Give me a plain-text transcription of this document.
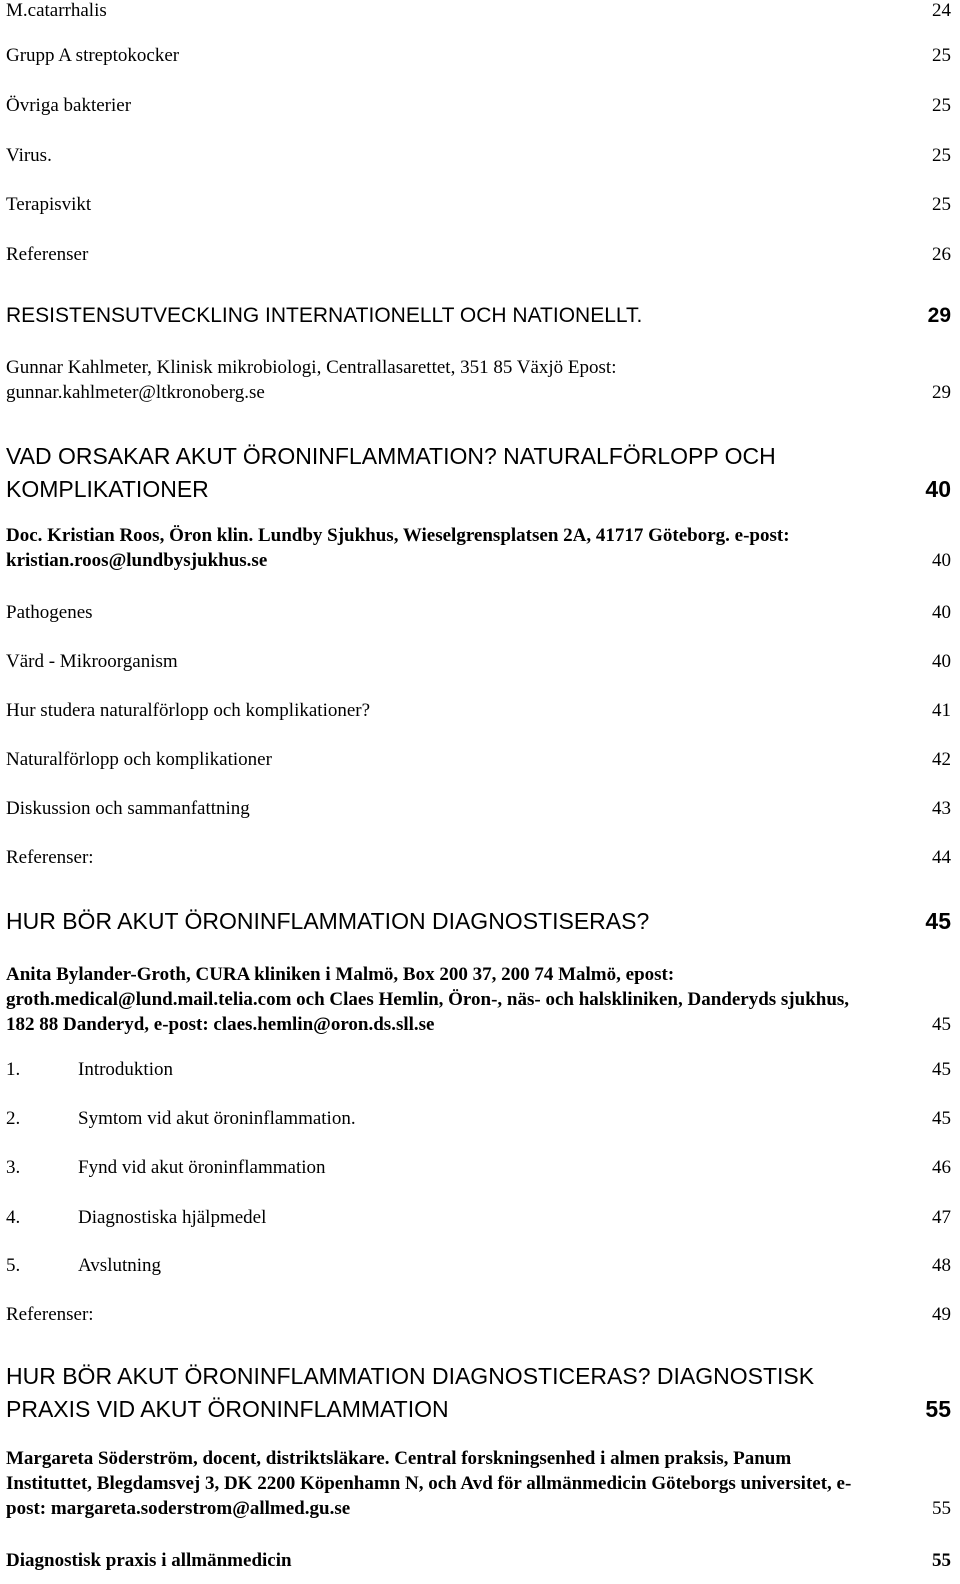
M.catarrhalis	24
Grupp A streptokocker	25
Övriga bakterier	25
Virus.	25
Terapisvikt	25
Referenser	26
RESISTENSUTVECKLING INTERNATIONELLT OCH NATIONELLT.	29
Gunnar Kahlmeter, Klinisk mikrobiologi, Centrallasarettet, 351 85 Växjö Epost:
gunnar.kahlmeter@ltkronoberg.se	29
VAD ORSAKAR AKUT ÖRONINFLAMMATION? NATURALFÖRLOPP OCH
KOMPLIKATIONER	40
Doc. Kristian Roos, Öron klin. Lundby Sjukhus, Wieselgrensplatsen 2A, 41717 Göteborg. e-post:
kristian.roos@lundbysjukhus.se	40
Pathogenes	40
Värd - Mikroorganism	40
Hur studera naturalförlopp och komplikationer?	41
Naturalförlopp och komplikationer	42
Diskussion och sammanfattning	43
Referenser:	44
HUR BÖR AKUT ÖRONINFLAMMATION DIAGNOSTISERAS?	45
Anita Bylander-Groth, CURA kliniken i Malmö, Box 200 37, 200 74 Malmö, epost:
groth.medical@lund.mail.telia.com och Claes Hemlin, Öron-, näs- och halskliniken, Danderyds sjukhus,
182 88 Danderyd, e-post: claes.hemlin@oron.ds.sll.se	45
1.	Introduktion	45
2.	Symtom vid akut öroninflammation.	45
3.	Fynd vid akut öroninflammation	46
4.	Diagnostiska hjälpmedel	47
5.	Avslutning	48
Referenser:	49
HUR BÖR AKUT ÖRONINFLAMMATION DIAGNOSTICERAS? DIAGNOSTISK
PRAXIS VID AKUT ÖRONINFLAMMATION	55
Margareta Söderström, docent, distriktsläkare. Central forskningsenhed i almen praksis, Panum
Instituttet, Blegdamsvej 3, DK 2200 Köpenhamn N, och Avd för allmänmedicin Göteborgs universitet, e-
post: margareta.soderstrom@allmed.gu.se	55
Diagnostisk praxis i allmänmedicin	55
